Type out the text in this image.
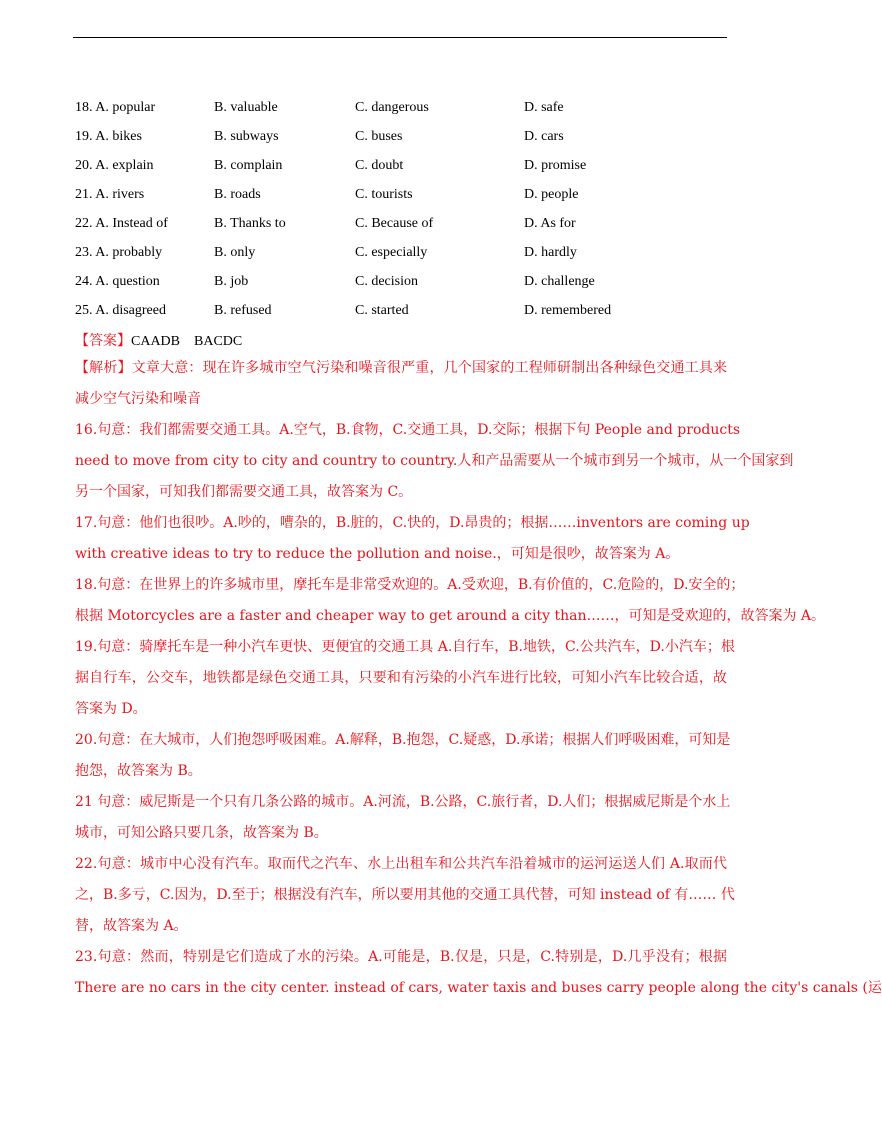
18. A. popular	B. valuable	C. dangerous	D. safe
19. A. bikes	B. subways	C. buses	D. cars
20. A. explain	B. complain	C. doubt	D. promise
21. A. rivers	B. roads	C. tourists	D. people
22. A. Instead of	B. Thanks to	C. Because of	D. As for
23. A. probably	B. only	C. especially	D. hardly
24. A. question	B. job	C. decision	D. challenge
25. A. disagreed	B. refused	C. started	D. remembered
【答案】CAADB　BACDC
【解析】文章大意：现在许多城市空气污染和噪音很严重，几个国家的工程师研制出各种绿色交通工具来
减少空气污染和噪音
16.句意：我们都需要交通工具。A.空气，B.食物，C.交通工具，D.交际；根据下句 People and products
need to move from city to city and country to country.人和产品需要从一个城市到另一个城市，从一个国家到
另一个国家，可知我们都需要交通工具，故答案为 C。
17.句意：他们也很吵。A.吵的，嘈杂的，B.脏的，C.快的，D.昂贵的；根据……inventors are coming up
with creative ideas to try to reduce the pollution and noise.，可知是很吵，故答案为 A。
18.句意：在世界上的许多城市里，摩托车是非常受欢迎的。A.受欢迎，B.有价值的，C.危险的，D.安全的；
根据 Motorcycles are a faster and cheaper way to get around a city than……，可知是受欢迎的，故答案为 A。
19.句意：骑摩托车是一种小汽车更快、更便宜的交通工具 A.自行车，B.地铁，C.公共汽车，D.小汽车；根
据自行车，公交车，地铁都是绿色交通工具，只要和有污染的小汽车进行比较，可知小汽车比较合适，故
答案为 D。
20.句意：在大城市，人们抱怨呼吸困难。A.解释，B.抱怨，C.疑惑，D.承诺；根据人们呼吸困难，可知是
抱怨，故答案为 B。
21 句意：威尼斯是一个只有几条公路的城市。A.河流，B.公路，C.旅行者，D.人们；根据威尼斯是个水上
城市，可知公路只要几条，故答案为 B。
22.句意：城市中心没有汽车。取而代之汽车、水上出租车和公共汽车沿着城市的运河运送人们 A.取而代
之，B.多亏，C.因为，D.至于；根据没有汽车，所以要用其他的交通工具代替，可知 instead of 有…… 代
替，故答案为 A。
23.句意：然而，特别是它们造成了水的污染。A.可能是，B.仅是，只是，C.特别是，D.几乎没有；根据
There are no cars in the city center. instead of cars, water taxis and buses carry people along the city's canals (运
